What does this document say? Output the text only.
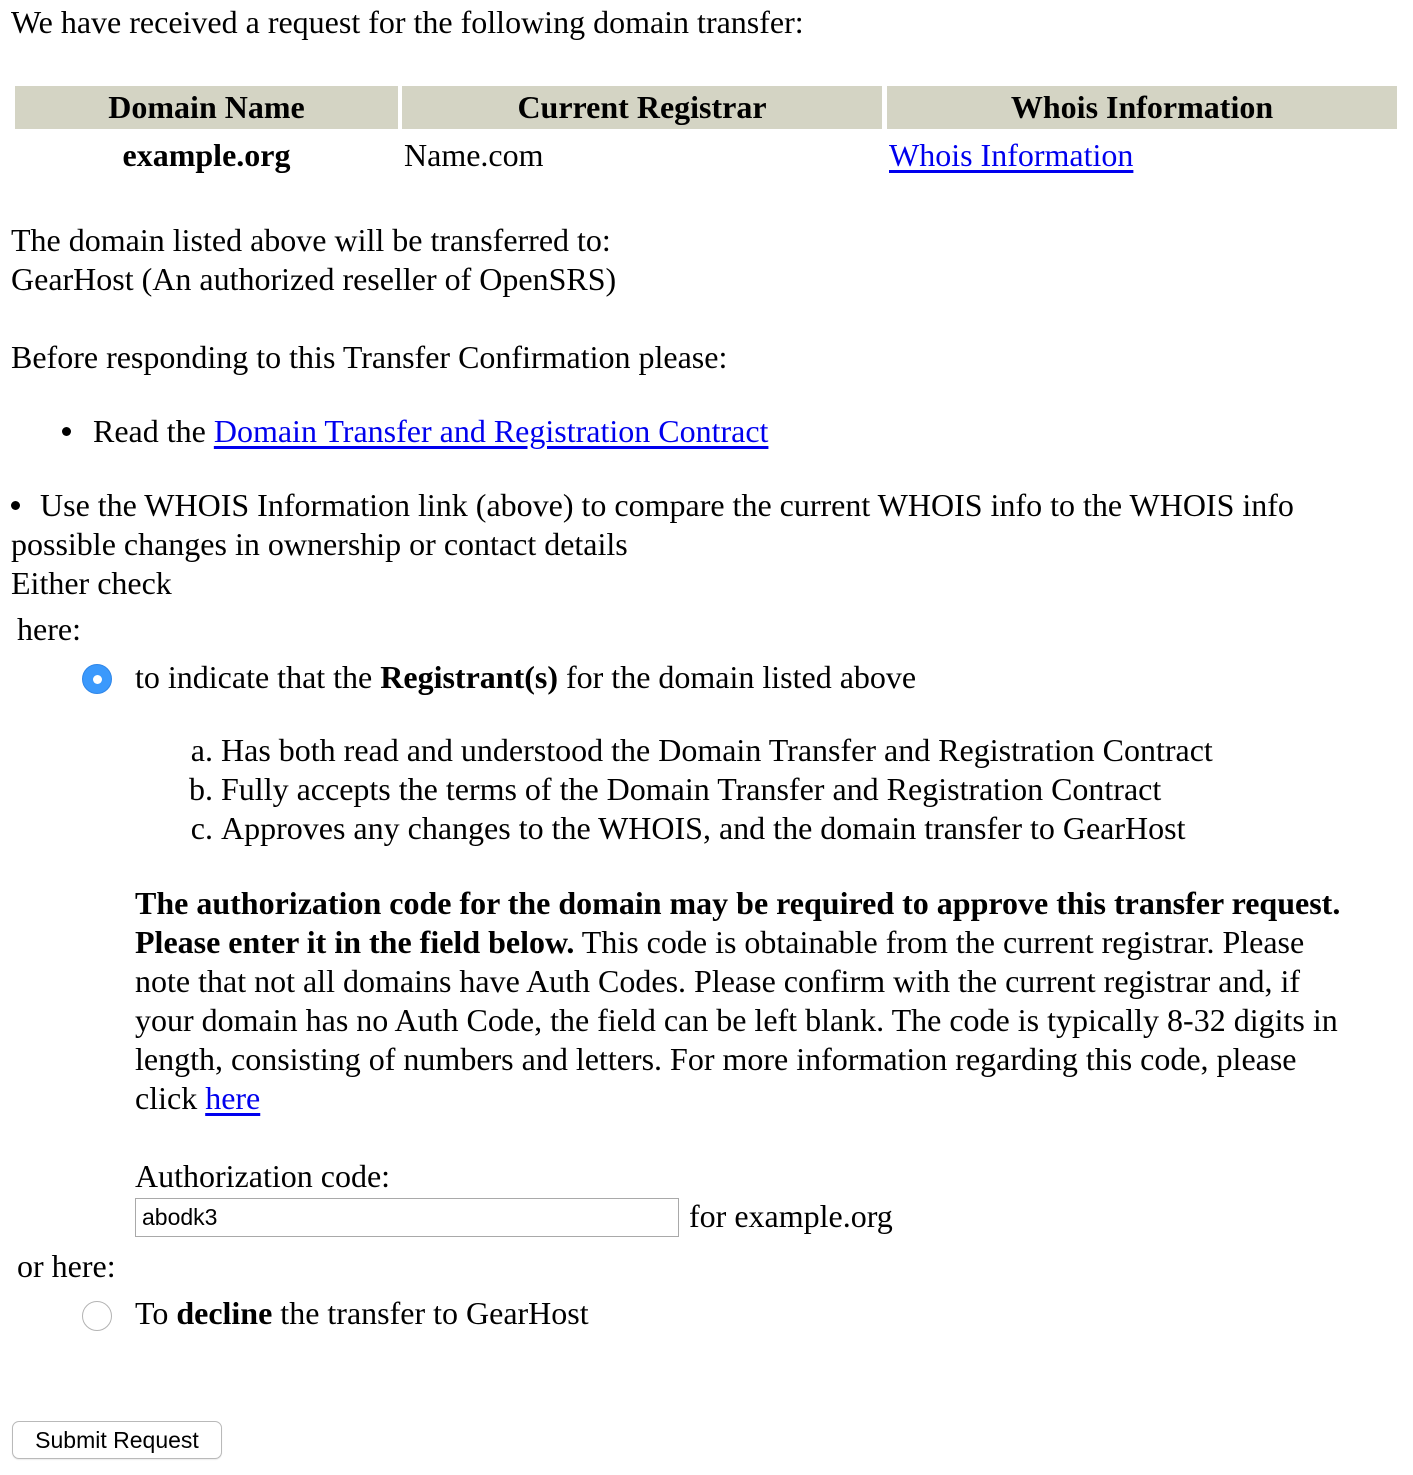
We have received a request for the following domain transfer:
Domain Name	Current Registrar	Whois Information
example.org	Name.com	Whois Information
The domain listed above will be transferred to:
GearHost (An authorized reseller of OpenSRS)
Before responding to this Transfer Confirmation please:
Read the Domain Transfer and Registration Contract
Use the WHOIS Information link (above) to compare the current WHOIS info to the WHOIS info
possible changes in ownership or contact details
Either check
here:
to indicate that the Registrant(s) for the domain listed above
a. Has both read and understood the Domain Transfer and Registration Contract
b. Fully accepts the terms of the Domain Transfer and Registration Contract
c. Approves any changes to the WHOIS, and the domain transfer to GearHost
The authorization code for the domain may be required to approve this transfer request. Please enter it in the field below. This code is obtainable from the current registrar. Please note that not all domains have Auth Codes. Please confirm with the current registrar and, if your domain has no Auth Code, the field can be left blank. The code is typically 8-32 digits in length, consisting of numbers and letters. For more information regarding this code, please click here
Authorization code:
abodk3
for example.org
or here:
To decline the transfer to GearHost
Submit Request
